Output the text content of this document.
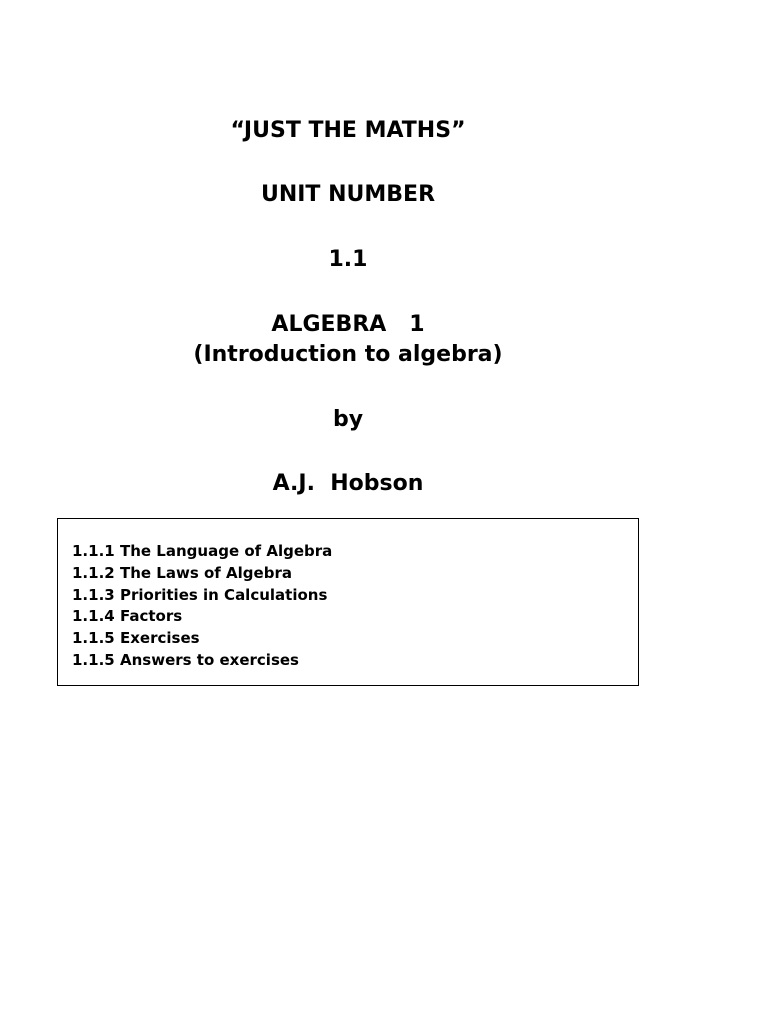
“JUST THE MATHS”
UNIT NUMBER
1.1
ALGEBRA   1
(Introduction to algebra)
by
A.J.  Hobson
1.1.1 The Language of Algebra
1.1.2 The Laws of Algebra
1.1.3 Priorities in Calculations
1.1.4 Factors
1.1.5 Exercises
1.1.5 Answers to exercises
